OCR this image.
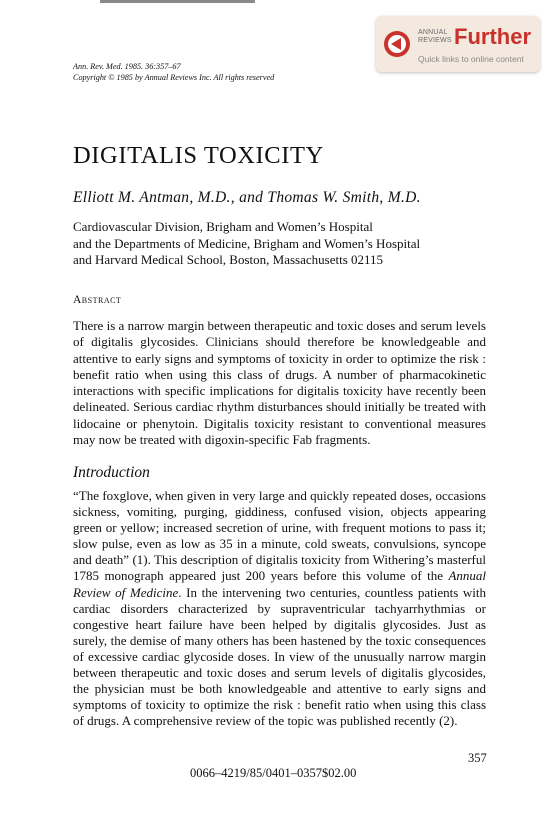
Ann. Rev. Med. 1985. 36:357–67
Copyright © 1985 by Annual Reviews Inc. All rights reserved
ANNUAL
REVIEWS Further
Quick links to online content
DIGITALIS TOXICITY
Elliott M. Antman, M.D., and Thomas W. Smith, M.D.
Cardiovascular Division, Brigham and Women’s Hospital
and the Departments of Medicine, Brigham and Women’s Hospital
and Harvard Medical School, Boston, Massachusetts 02115
Abstract

There is a narrow margin between therapeutic and toxic doses and serum levels of digitalis glycosides. Clinicians should therefore be knowledgeable and attentive to early signs and symptoms of toxicity in order to optimize the risk : benefit ratio when using this class of drugs. A number of pharmacokinetic interactions with specific implications for digitalis toxicity have recently been delineated. Serious cardiac rhythm disturbances should initially be treated with lidocaine or phenytoin. Digitalis toxicity resistant to conventional measures may now be treated with digoxin-specific Fab fragments.

Introduction

“The foxglove, when given in very large and quickly repeated doses, occasions sickness, vomiting, purging, giddiness, confused vision, objects appearing green or yellow; increased secretion of urine, with frequent motions to pass it; slow pulse, even as low as 35 in a minute, cold sweats, convulsions, syncope and death” (1). This description of digitalis toxicity from Withering’s masterful 1785 monograph appeared just 200 years before this volume of the Annual Review of Medicine. In the intervening two centuries, countless patients with cardiac disorders characterized by supraventricular tachyarrhythmias or congestive heart failure have been helped by digitalis glycosides. Just as surely, the demise of many others has been hastened by the toxic consequences of excessive cardiac glycoside doses. In view of the unusually narrow margin between therapeutic and toxic doses and serum levels of digitalis glycosides, the physician must be both knowledgeable and attentive to early signs and symptoms of toxicity to optimize the risk : benefit ratio when using this class of drugs. A comprehensive review of the topic was published recently (2).

357
0066–4219/85/0401–0357$02.00
